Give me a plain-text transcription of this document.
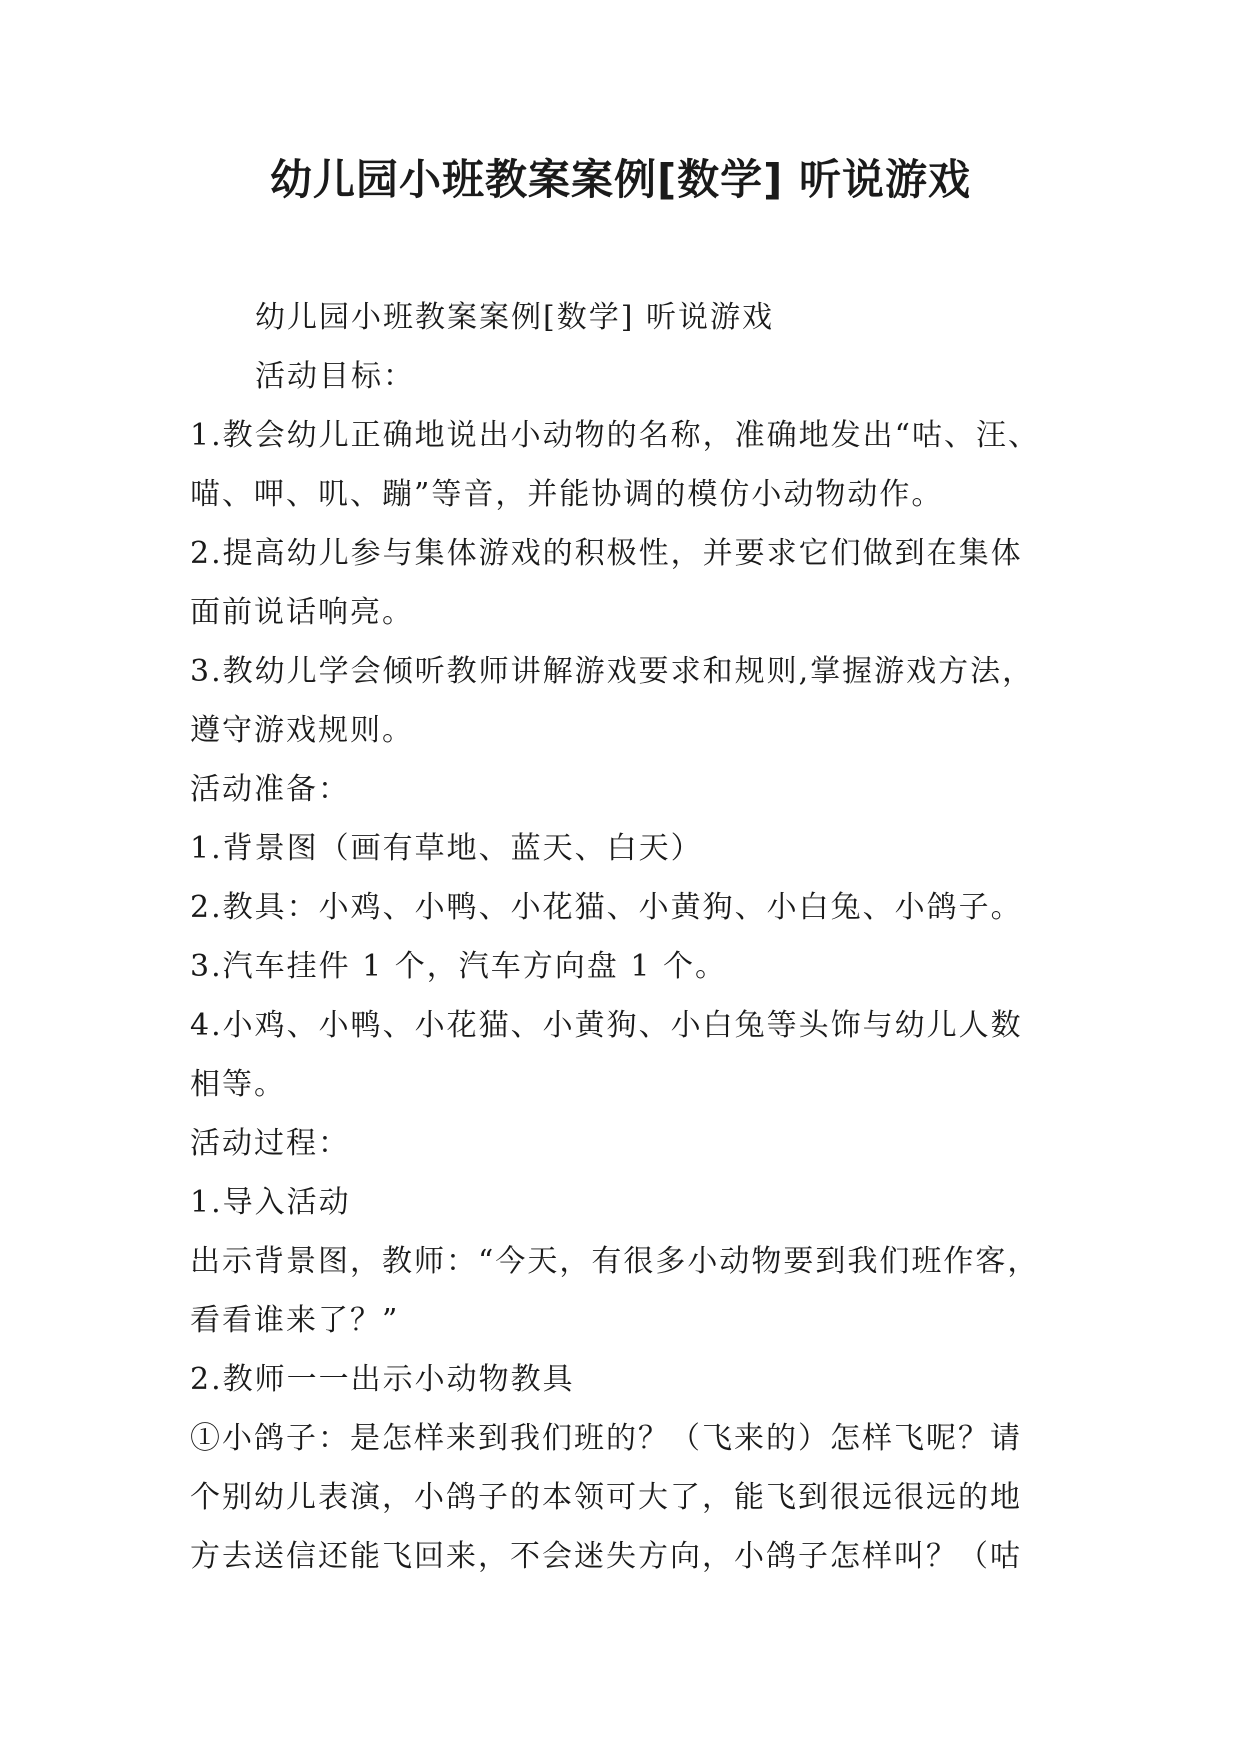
幼儿园小班教案案例[数学] 听说游戏
幼儿园小班教案案例[数学] 听说游戏
活动目标：
1.教会幼儿正确地说出小动物的名称，准确地发出“咕、汪、
喵、呷、叽、蹦”等音，并能协调的模仿小动物动作。
2.提高幼儿参与集体游戏的积极性，并要求它们做到在集体
面前说话响亮。
3.教幼儿学会倾听教师讲解游戏要求和规则,掌握游戏方法，
遵守游戏规则。
活动准备：
1.背景图（画有草地、蓝天、白天）
2.教具：小鸡、小鸭、小花猫、小黄狗、小白兔、小鸽子。
3.汽车挂件 1 个，汽车方向盘 1 个。
4.小鸡、小鸭、小花猫、小黄狗、小白兔等头饰与幼儿人数
相等。
活动过程：
1.导入活动
出示背景图，教师：“今天，有很多小动物要到我们班作客，
看看谁来了？”
2.教师一一出示小动物教具
①小鸽子：是怎样来到我们班的？（飞来的）怎样飞呢？请
个别幼儿表演，小鸽子的本领可大了，能飞到很远很远的地
方去送信还能飞回来，不会迷失方向，小鸽子怎样叫？（咕
